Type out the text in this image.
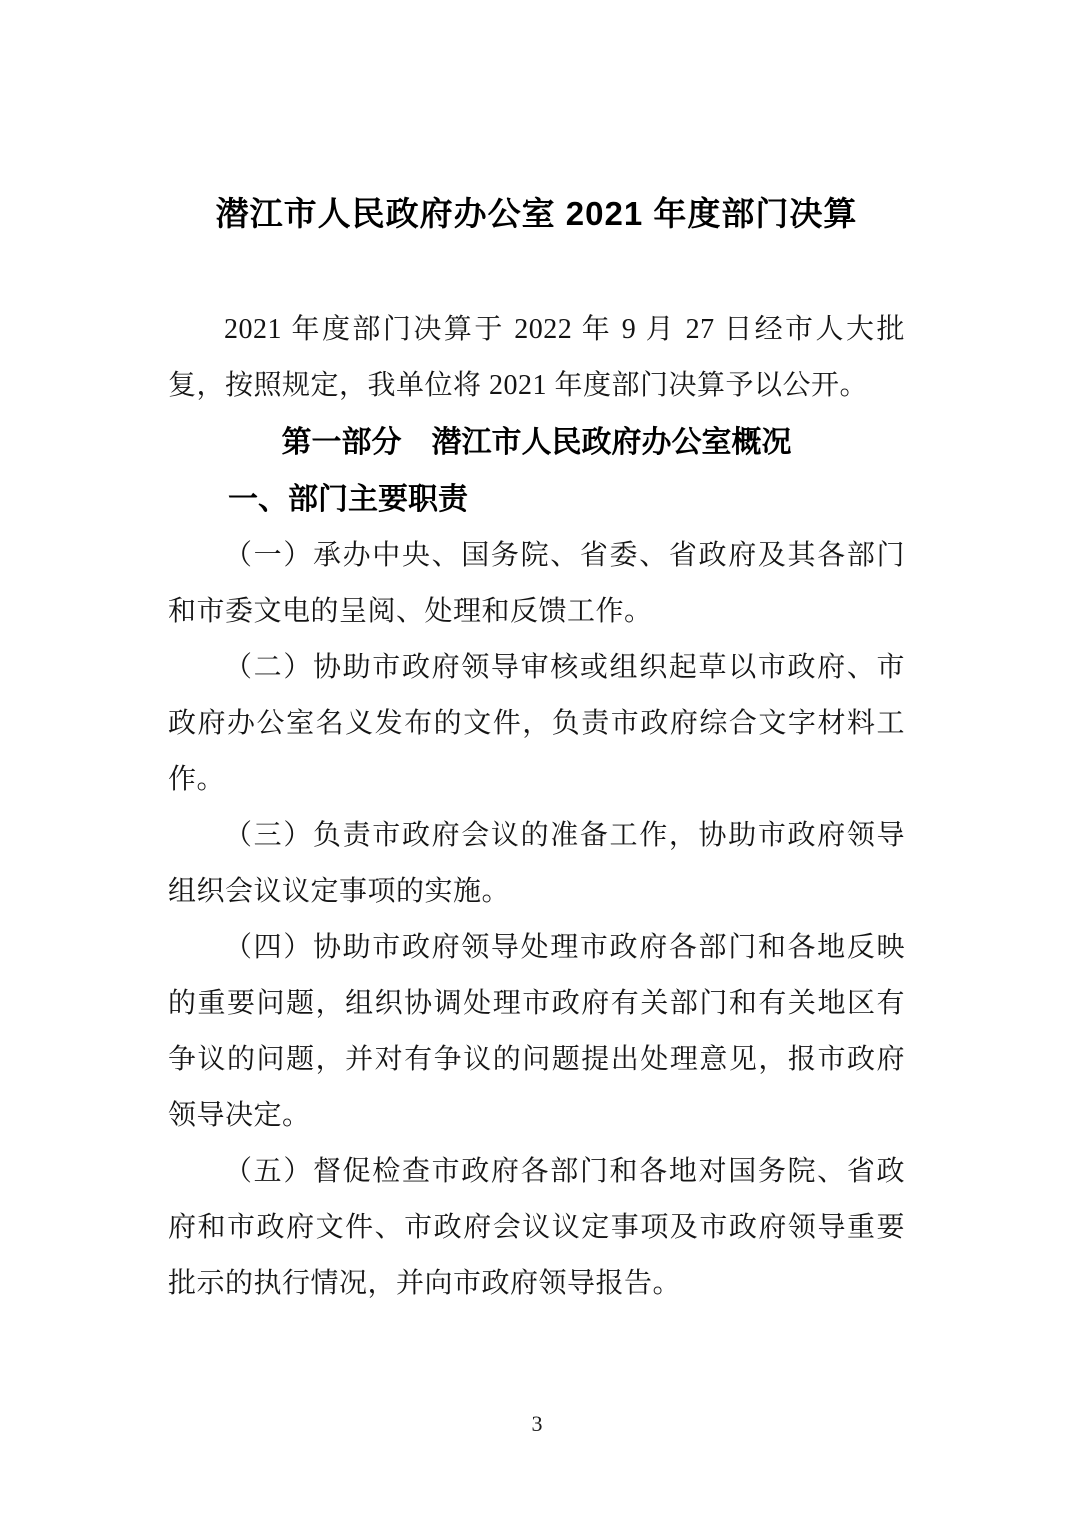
潜江市人民政府办公室 2021 年度部门决算

2021 年度部门决算于 2022 年 9 月 27 日经市人大批复，按照规定，我单位将 2021 年度部门决算予以公开。

第一部分　潜江市人民政府办公室概况
一、部门主要职责

（一）承办中央、国务院、省委、省政府及其各部门和市委文电的呈阅、处理和反馈工作。

（二）协助市政府领导审核或组织起草以市政府、市政府办公室名义发布的文件，负责市政府综合文字材料工作。

（三）负责市政府会议的准备工作，协助市政府领导组织会议议定事项的实施。

（四）协助市政府领导处理市政府各部门和各地反映的重要问题，组织协调处理市政府有关部门和有关地区有争议的问题，并对有争议的问题提出处理意见，报市政府领导决定。

（五）督促检查市政府各部门和各地对国务院、省政府和市政府文件、市政府会议议定事项及市政府领导重要批示的执行情况，并向市政府领导报告。

3
